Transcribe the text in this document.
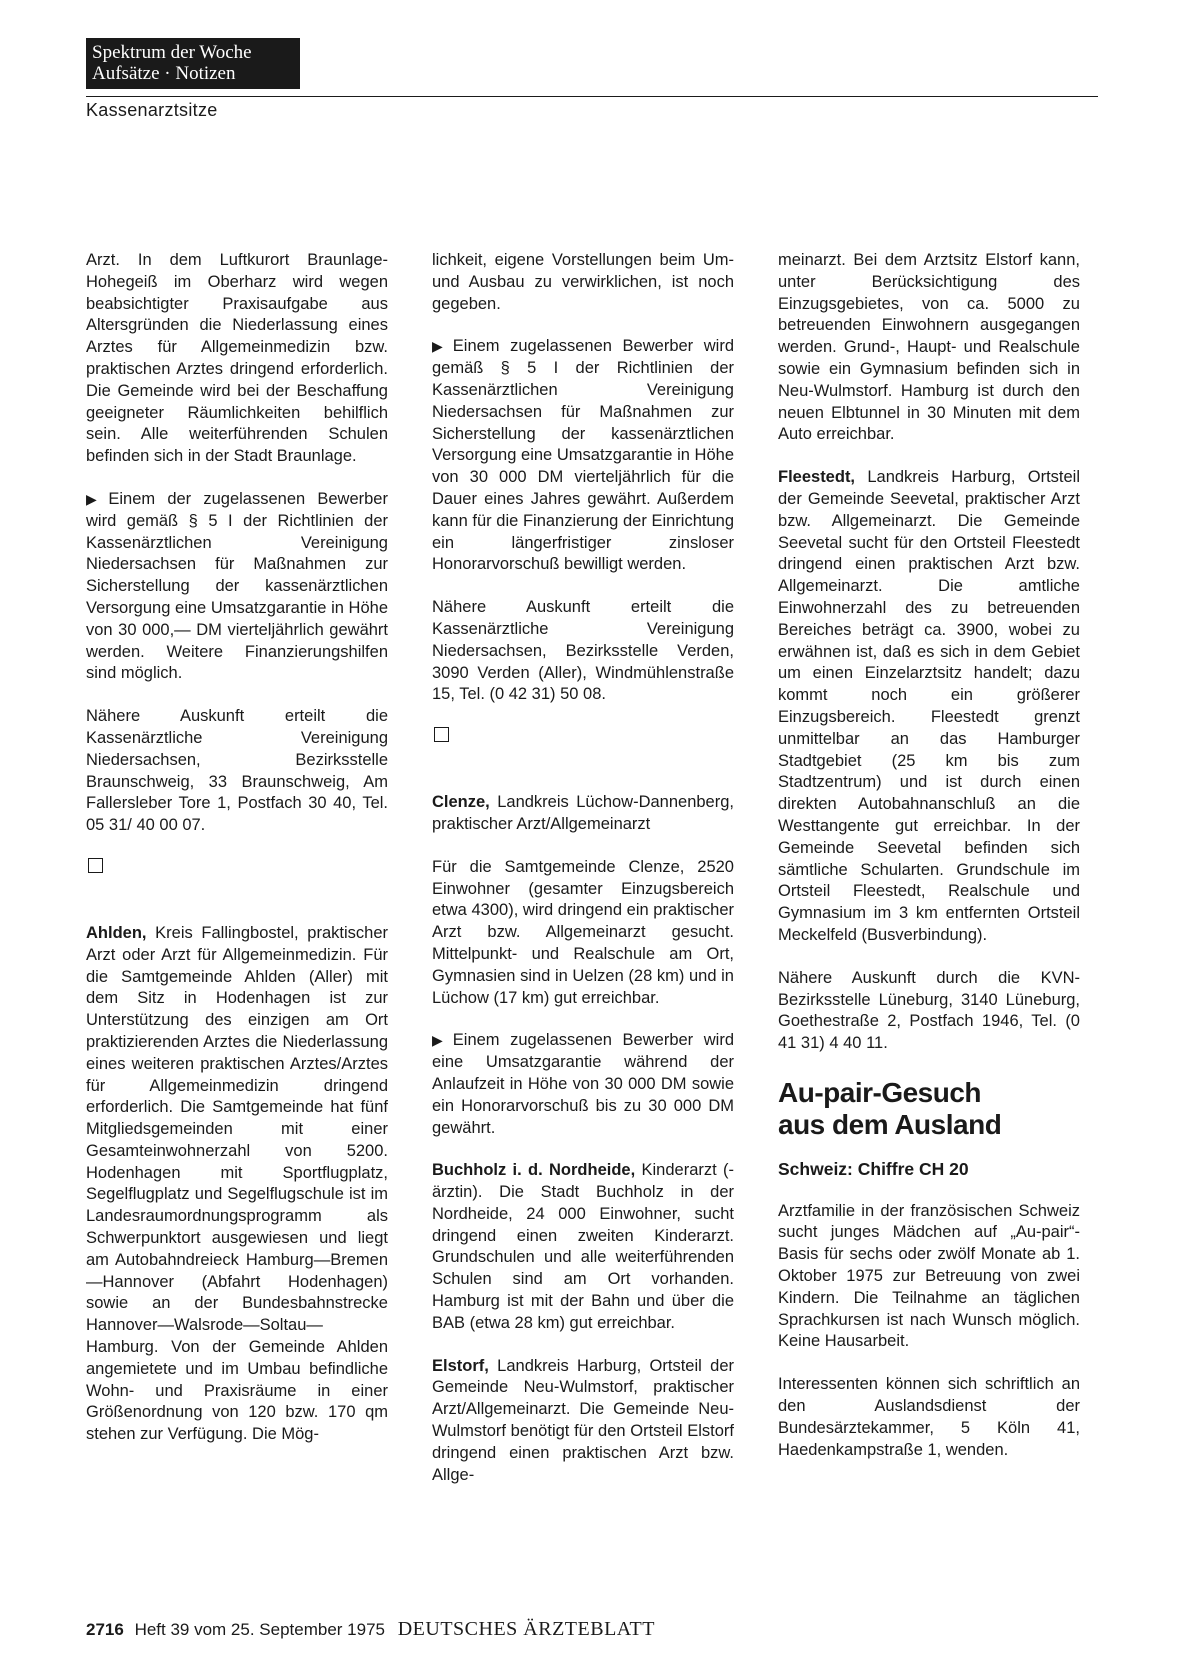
Spektrum der Woche
Aufsätze · Notizen
Kassenarztsitze

Arzt. In dem Luftkurort Braunlage-Hohegeiß im Oberharz wird wegen beabsichtigter Praxisaufgabe aus Altersgründen die Niederlassung eines Arztes für Allgemeinmedizin bzw. praktischen Arztes dringend erforderlich. Die Gemeinde wird bei der Beschaffung geeigneter Räumlichkeiten behilflich sein. Alle weiterführenden Schulen befinden sich in der Stadt Braunlage.

▶ Einem der zugelassenen Bewerber wird gemäß § 5 I der Richtlinien der Kassenärztlichen Vereinigung Niedersachsen für Maßnahmen zur Sicherstellung der kassenärztlichen Versorgung eine Umsatzgarantie in Höhe von 30 000,— DM vierteljährlich gewährt werden. Weitere Finanzierungshilfen sind möglich.

Nähere Auskunft erteilt die Kassenärztliche Vereinigung Niedersachsen, Bezirksstelle Braunschweig, 33 Braunschweig, Am Fallersleber Tore 1, Postfach 30 40, Tel. 05 31/ 40 00 07.

Ahlden, Kreis Fallingbostel, praktischer Arzt oder Arzt für Allgemeinmedizin. Für die Samtgemeinde Ahlden (Aller) mit dem Sitz in Hodenhagen ist zur Unterstützung des einzigen am Ort praktizierenden Arztes die Niederlassung eines weiteren praktischen Arztes/Arztes für Allgemeinmedizin dringend erforderlich. Die Samtgemeinde hat fünf Mitgliedsgemeinden mit einer Gesamteinwohnerzahl von 5200. Hodenhagen mit Sportflugplatz, Segelflugplatz und Segelflugschule ist im Landesraumordnungsprogramm als Schwerpunktort ausgewiesen und liegt am Autobahndreieck Hamburg—Bremen—Hannover (Abfahrt Hodenhagen) sowie an der Bundesbahnstrecke Hannover—Walsrode—Soltau—Hamburg. Von der Gemeinde Ahlden angemietete und im Umbau befindliche Wohn- und Praxisräume in einer Größenordnung von 120 bzw. 170 qm stehen zur Verfügung. Die Mög-

lichkeit, eigene Vorstellungen beim Um- und Ausbau zu verwirklichen, ist noch gegeben.

▶ Einem zugelassenen Bewerber wird gemäß § 5 I der Richtlinien der Kassenärztlichen Vereinigung Niedersachsen für Maßnahmen zur Sicherstellung der kassenärztlichen Versorgung eine Umsatzgarantie in Höhe von 30 000 DM vierteljährlich für die Dauer eines Jahres gewährt. Außerdem kann für die Finanzierung der Einrichtung ein längerfristiger zinsloser Honorarvorschuß bewilligt werden.

Nähere Auskunft erteilt die Kassenärztliche Vereinigung Niedersachsen, Bezirksstelle Verden, 3090 Verden (Aller), Windmühlenstraße 15, Tel. (0 42 31) 50 08.

Clenze, Landkreis Lüchow-Dannenberg, praktischer Arzt/Allgemeinarzt

Für die Samtgemeinde Clenze, 2520 Einwohner (gesamter Einzugsbereich etwa 4300), wird dringend ein praktischer Arzt bzw. Allgemeinarzt gesucht. Mittelpunkt- und Realschule am Ort, Gymnasien sind in Uelzen (28 km) und in Lüchow (17 km) gut erreichbar.

▶ Einem zugelassenen Bewerber wird eine Umsatzgarantie während der Anlaufzeit in Höhe von 30 000 DM sowie ein Honorarvorschuß bis zu 30 000 DM gewährt.

Buchholz i. d. Nordheide, Kinderarzt (-ärztin). Die Stadt Buchholz in der Nordheide, 24 000 Einwohner, sucht dringend einen zweiten Kinderarzt. Grundschulen und alle weiterführenden Schulen sind am Ort vorhanden. Hamburg ist mit der Bahn und über die BAB (etwa 28 km) gut erreichbar.

Elstorf, Landkreis Harburg, Ortsteil der Gemeinde Neu-Wulmstorf, praktischer Arzt/Allgemeinarzt. Die Gemeinde Neu-Wulmstorf benötigt für den Ortsteil Elstorf dringend einen praktischen Arzt bzw. Allge-

meinarzt. Bei dem Arztsitz Elstorf kann, unter Berücksichtigung des Einzugsgebietes, von ca. 5000 zu betreuenden Einwohnern ausgegangen werden. Grund-, Haupt- und Realschule sowie ein Gymnasium befinden sich in Neu-Wulmstorf. Hamburg ist durch den neuen Elbtunnel in 30 Minuten mit dem Auto erreichbar.

Fleestedt, Landkreis Harburg, Ortsteil der Gemeinde Seevetal, praktischer Arzt bzw. Allgemeinarzt. Die Gemeinde Seevetal sucht für den Ortsteil Fleestedt dringend einen praktischen Arzt bzw. Allgemeinarzt. Die amtliche Einwohnerzahl des zu betreuenden Bereiches beträgt ca. 3900, wobei zu erwähnen ist, daß es sich in dem Gebiet um einen Einzelarztsitz handelt; dazu kommt noch ein größerer Einzugsbereich. Fleestedt grenzt unmittelbar an das Hamburger Stadtgebiet (25 km bis zum Stadtzentrum) und ist durch einen direkten Autobahnanschluß an die Westtangente gut erreichbar. In der Gemeinde Seevetal befinden sich sämtliche Schularten. Grundschule im Ortsteil Fleestedt, Realschule und Gymnasium im 3 km entfernten Ortsteil Meckelfeld (Busverbindung).

Nähere Auskunft durch die KVN-Bezirksstelle Lüneburg, 3140 Lüneburg, Goethestraße 2, Postfach 1946, Tel. (0 41 31) 4 40 11.

Au-pair-Gesuch
aus dem Ausland
Schweiz: Chiffre CH 20

Arztfamilie in der französischen Schweiz sucht junges Mädchen auf „Au-pair“-Basis für sechs oder zwölf Monate ab 1. Oktober 1975 zur Betreuung von zwei Kindern. Die Teilnahme an täglichen Sprachkursen ist nach Wunsch möglich. Keine Hausarbeit.

Interessenten können sich schriftlich an den Auslandsdienst der Bundesärztekammer, 5 Köln 41, Haedenkampstraße 1, wenden.

2716 Heft 39 vom 25. September 1975 DEUTSCHES ÄRZTEBLATT
